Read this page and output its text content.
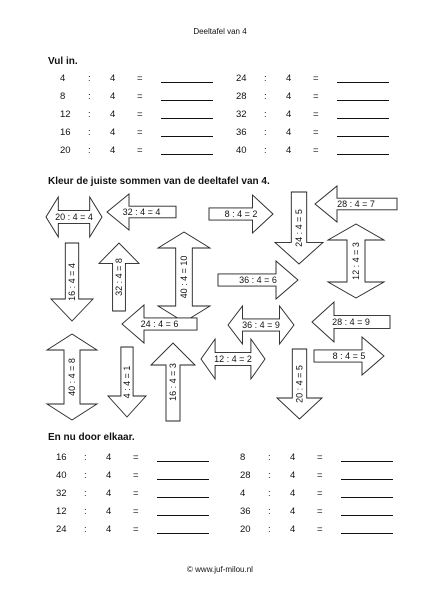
Deeltafel van 4
Vul in.
4 : 4 =
8 : 4 =
12 : 4 =
16 : 4 =
20 : 4 =
24 : 4 =
28 : 4 =
32 : 4 =
36 : 4 =
40 : 4 =
Kleur de juiste sommen van de deeltafel van 4.
20 : 4 = 4	32 : 4 = 4	8 : 4 = 2	24 : 4 = 5
28 : 4 = 7
16 : 4 = 4	32 : 4 = 8	40 : 4 = 10	36 : 4 = 6
12 : 4 = 3
24 : 4 = 6	36 : 4 = 9	28 : 4 = 9
40 : 4 = 8	4 : 4 = 1	16 : 4 = 3
12 : 4 = 2
20 : 4 = 5
8 : 4 = 5
En nu door elkaar.
16 : 4 =
40 : 4 =
32 : 4 =
12 : 4 =
24 : 4 =
8 : 4 =
28 : 4 =
4 : 4 =
36 : 4 =
20 : 4 =
© www.juf-milou.nl
